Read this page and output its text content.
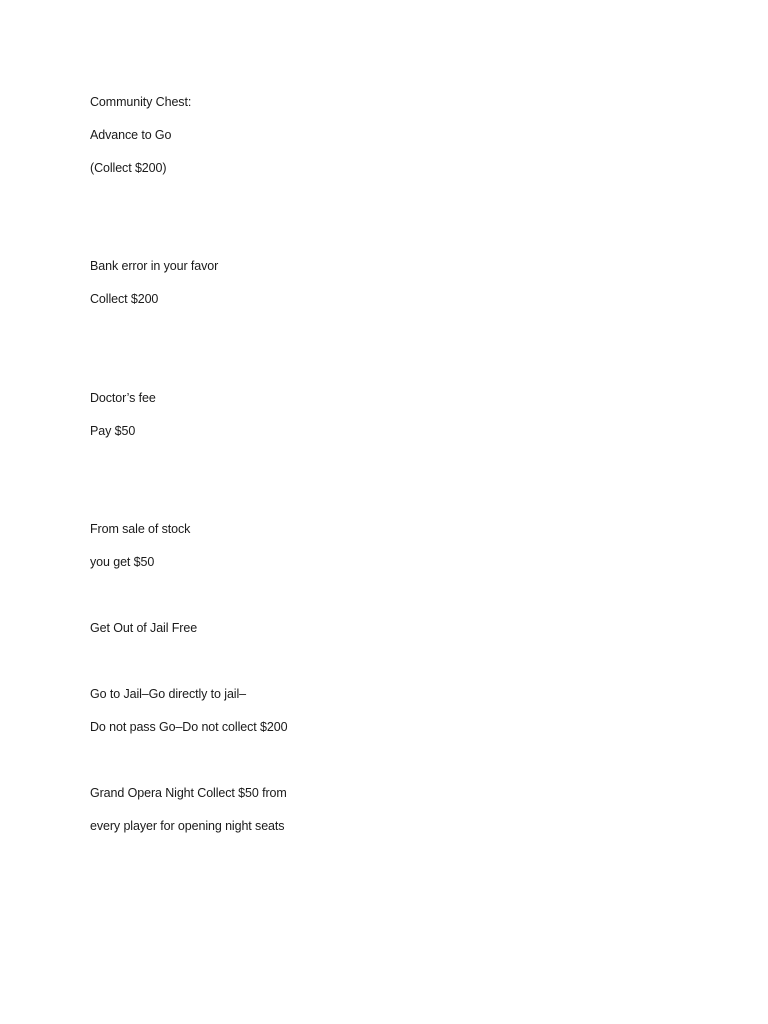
Community Chest:
Advance to Go
(Collect $200)
Bank error in your favor
Collect $200
Doctor’s fee
Pay $50
From sale of stock
you get $50
Get Out of Jail Free
Go to Jail–Go directly to jail–
Do not pass Go–Do not collect $200
Grand Opera Night Collect $50 from
every player for opening night seats
